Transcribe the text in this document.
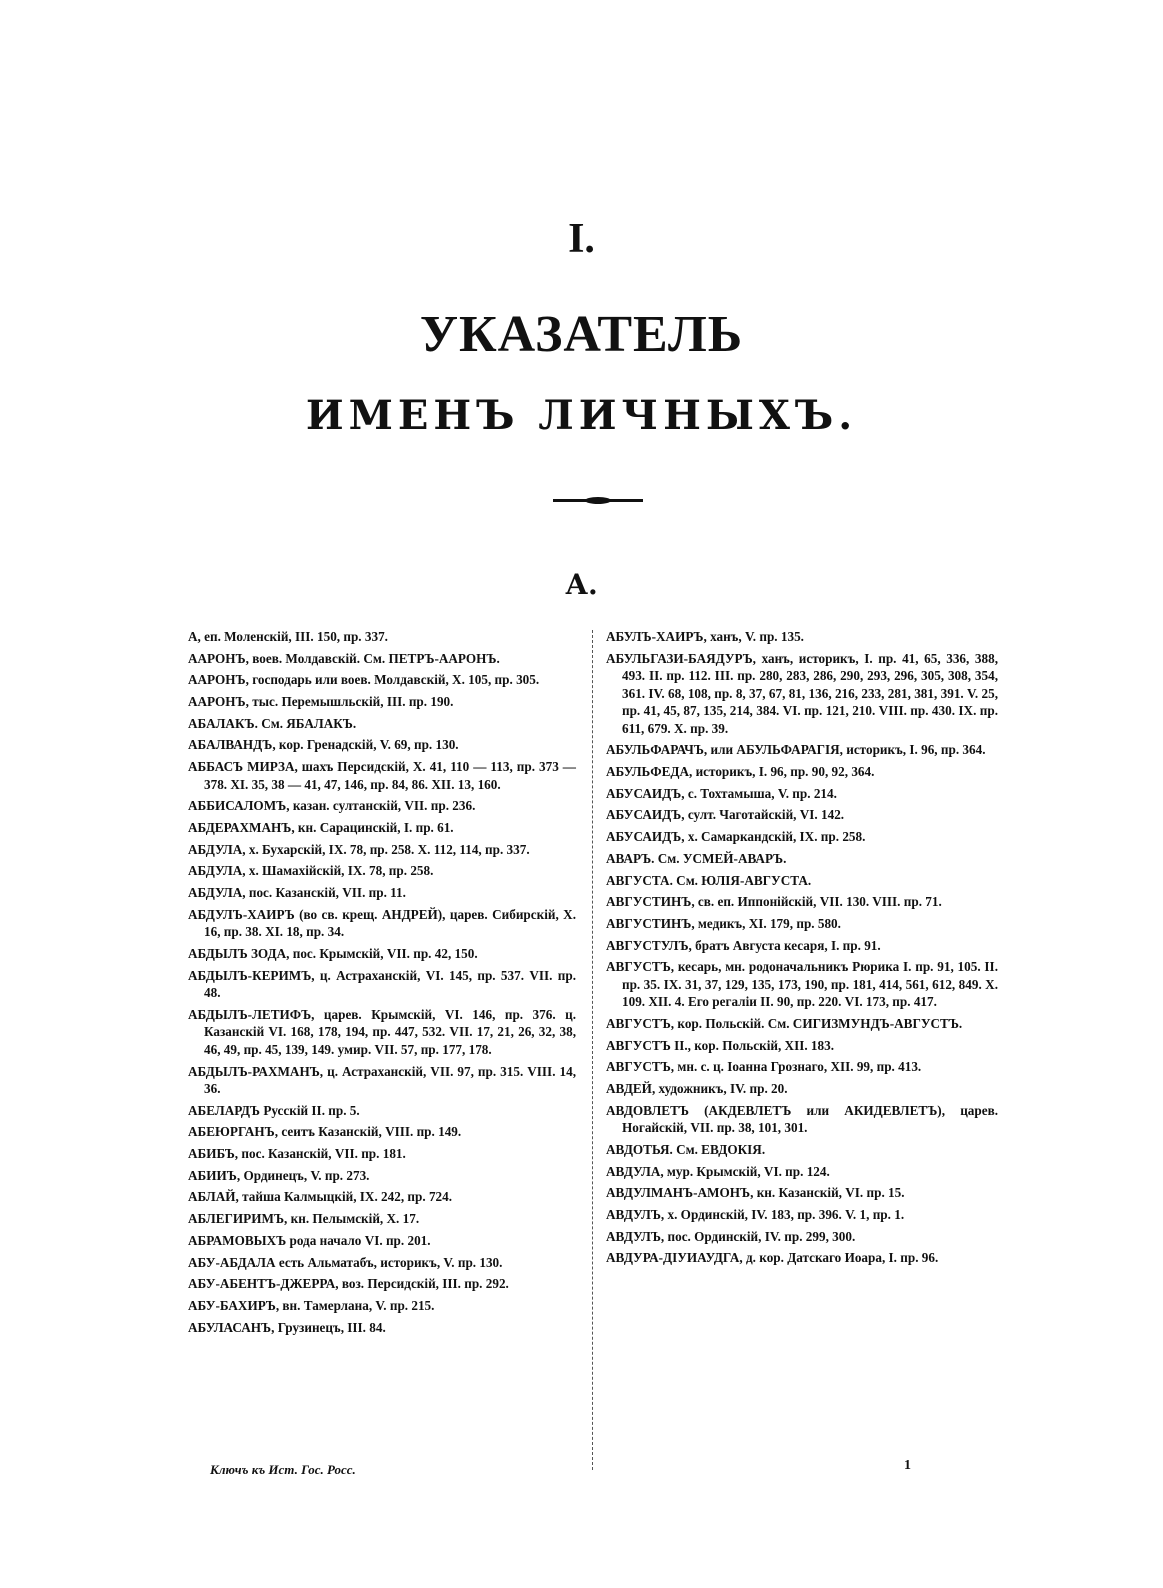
I.
УКАЗАТЕЛЬ
ИМЕНЪ ЛИЧНЫХЪ.
А.
А, еп. Моленскій, III. 150, пр. 337.
ААРОНЪ, воев. Молдавскій. См. ПЕТРЪ-ААРОНЪ.
ААРОНЪ, господарь или воев. Молдавскій, Х. 105, пр. 305.
ААРОНЪ, тыс. Перемышльскій, III. пр. 190.
АБАЛАКЪ. См. ЯБАЛАКЪ.
АБАЛВАНДЪ, кор. Гренадскій, V. 69, пр. 130.
АББАСЪ МИРЗА, шахъ Персидскій, Х. 41, 110 — 113, пр. 373 — 378. XI. 35, 38 — 41, 47, 146, пр. 84, 86. XII. 13, 160.
АББИСАЛОМЪ, казан. султанскій, VII. пр. 236.
АБДЕРАХМАНЪ, кн. Сарацинскій, I. пр. 61.
АБДУЛА, х. Бухарскій, IX. 78, пр. 258. Х. 112, 114, пр. 337.
АБДУЛА, х. Шамахійскій, IX. 78, пр. 258.
АБДУЛА, пос. Казанскій, VII. пр. 11.
АБДУЛЪ-ХАИРЪ (во св. крещ. АНДРЕЙ), царев. Сибирскій, Х. 16, пр. 38. XI. 18, пр. 34.
АБДЫЛЪ ЗОДА, пос. Крымскій, VII. пр. 42, 150.
АБДЫЛЪ-КЕРИМЪ, ц. Астраханскій, VI. 145, пр. 537. VII. пр. 48.
АБДЫЛЪ-ЛЕТИФЪ, царев. Крымскій, VI. 146, пр. 376. ц. Казанскій VI. 168, 178, 194, пр. 447, 532. VII. 17, 21, 26, 32, 38, 46, 49, пр. 45, 139, 149. умир. VII. 57, пр. 177, 178.
АБДЫЛЪ-РАХМАНЪ, ц. Астраханскій, VII. 97, пр. 315. VIII. 14, 36.
АБЕЛАРДЪ Русскій II. пр. 5.
АБЕЮРГАНЪ, сеитъ Казанскій, VIII. пр. 149.
АБИБЪ, пос. Казанскій, VII. пр. 181.
АБИИЪ, Ординецъ, V. пр. 273.
АБЛАЙ, тайша Калмыцкій, IX. 242, пр. 724.
АБЛЕГИРИМЪ, кн. Пелымскій, Х. 17.
АБРАМОВЫХЪ рода начало VI. пр. 201.
АБУ-АБДАЛА есть Альматабъ, историкъ, V. пр. 130.
АБУ-АБЕНТЪ-ДЖЕРРА, воз. Персидскій, III. пр. 292.
АБУ-БАХИРЪ, вн. Тамерлана, V. пр. 215.
АБУЛАСАНЪ, Грузинецъ, III. 84.
АБУЛЪ-ХАИРЪ, ханъ, V. пр. 135.
АБУЛЬГАЗИ-БАЯДУРЪ, ханъ, историкъ, I. пр. 41, 65, 336, 388, 493. II. пр. 112. III. пр. 280, 283, 286, 290, 293, 296, 305, 308, 354, 361. IV. 68, 108, пр. 8, 37, 67, 81, 136, 216, 233, 281, 381, 391. V. 25, пр. 41, 45, 87, 135, 214, 384. VI. пр. 121, 210. VIII. пр. 430. IX. пр. 611, 679. Х. пр. 39.
АБУЛЬФАРАЧЪ, или АБУЛЬФАРАГІЯ, историкъ, I. 96, пр. 364.
АБУЛЬФЕДА, историкъ, I. 96, пр. 90, 92, 364.
АБУСАИДЪ, с. Тохтамыша, V. пр. 214.
АБУСАИДЪ, султ. Чаготайскій, VI. 142.
АБУСАИДЪ, х. Самаркандскій, IX. пр. 258.
АВАРЪ. См. УСМЕЙ-АВАРЪ.
АВГУСТА. См. ЮЛІЯ-АВГУСТА.
АВГУСТИНЪ, св. еп. Иппонійскій, VII. 130. VIII. пр. 71.
АВГУСТИНЪ, медикъ, XI. 179, пр. 580.
АВГУСТУЛЪ, братъ Августа кесаря, I. пр. 91.
АВГУСТЪ, кесарь, мн. родоначальникъ Рюрика I. пр. 91, 105. II. пр. 35. IX. 31, 37, 129, 135, 173, 190, пр. 181, 414, 561, 612, 849. Х. 109. XII. 4. Его регаліи II. 90, пр. 220. VI. 173, пр. 417.
АВГУСТЪ, кор. Польскій. См. СИГИЗМУНДЪ-АВГУСТЪ.
АВГУСТЪ II., кор. Польскій, XII. 183.
АВГУСТЪ, мн. с. ц. Іоанна Грознаго, XII. 99, пр. 413.
АВДЕЙ, художникъ, IV. пр. 20.
АВДОВЛЕТЪ (АКДЕВЛЕТЪ или АКИДЕВЛЕТЪ), царев. Ногайскій, VII. пр. 38, 101, 301.
АВДОТЬЯ. См. ЕВДОКІЯ.
АВДУЛА, мур. Крымскій, VI. пр. 124.
АВДУЛМАНЪ-АМОНЪ, кн. Казанскій, VI. пр. 15.
АВДУЛЪ, х. Ординскій, IV. 183, пр. 396. V. 1, пр. 1.
АВДУЛЪ, пос. Ординскій, IV. пр. 299, 300.
АВДУРА-ДІУИАУДГА, д. кор. Датскаго Иоара, I. пр. 96.
Ключъ къ Ист. Гос. Росс.	1
